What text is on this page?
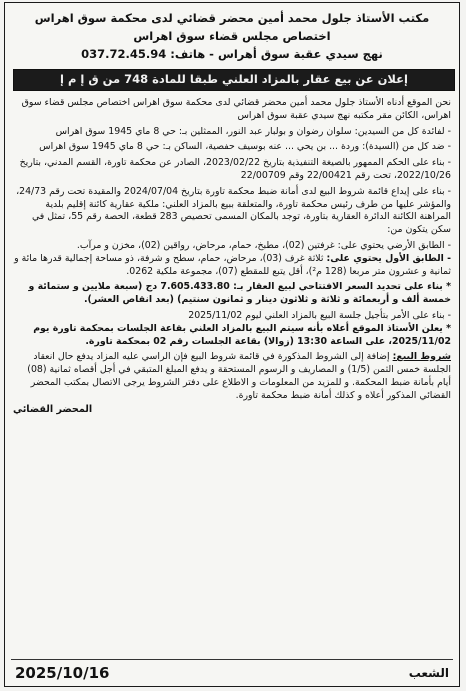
مكتب الأستاذ جلول محمد أمين محضر قضائي لدى محكمة سوق اهراس
اختصاص مجلس قضاء سوق اهراس
نهج سيدي عقبة سوق أهراس - هاتف: 037.72.45.94
إعلان عن بيع عقار بالمزاد العلني طبقا للمادة 748 من ق إ م إ

نحن الموقع أدناه الأستاذ جلول محمد أمين محضر قضائي لدى محكمة سوق اهراس اختصاص مجلس قضاء سوق اهراس، الكائن مقر مكتبه نهج سيدي عقبة سوق اهراس

- لفائدة كل من السيدين: سلوان رضوان و بولبار عبد النور، الممثلين بـ: حي 8 ماي 1945 سوق اهراس

- ضد كل من (السيدة): وردة ... بن يحي ... عنه بوسيف حفصية، الساكن بـ: حي 8 ماي 1945 سوق اهراس

- بناء على الحكم الممهور بالصيغة التنفيذية بتاريخ 2023/02/22، الصادر عن محكمة تاورة، القسم المدني، بتاريخ 2022/10/26، تحت رقم 22/00421 وقم 22/00709

- بناء على إيداع قائمة شروط البيع لدى أمانة ضبط محكمة تاورة بتاريخ 2024/07/04 والمقيدة تحت رقم 24/73، والمؤشر عليها من طرف رئيس محكمة تاورة، والمتعلقة ببيع بالمزاد العلني: ملكية عقارية كائنة إقليم بلدية المراهنة الكائنة الدائرة العقارية بتاورة، توجد بالمكان المسمى تحصيص 283 قطعة، الحصة رقم 55، تمثل في سكن يتكون من:

- الطابق الأرضي يحتوي على: غرفتين (02)، مطبخ، حمام، مرحاض، رواقين (02)، مخزن و مرآب.

- الطابق الأول يحتوي على: ثلاثة غرف (03)، مرحاض، حمام، سطح و شرفة، ذو مساحة إجمالية قدرها مائة و ثمانية و عشرون متر مربعا (128 م²)، أقل يتبع للمقطع (07)، مجموعة ملكية 0262.

* بناء على تحديد السعر الافتتاحي لبيع العقار بـ: 7.605.433.80 دج (سبعة ملايين و ستمائة و خمسة ألف و أربعمائة و ثلاثة و ثلاثون دينار و ثمانون سنتيم) (بعد انقاص العشر).

- بناء على الأمر بتأجيل جلسة البيع بالمزاد العلني ليوم 2025/11/02

* يعلن الأستاذ الموقع أعلاه بأنه سيتم البيع بالمزاد العلني بقاعة الجلسات بمحكمة تاورة يوم 2025/11/02، على الساعة 13:30 (زوالا) بقاعة الجلسات رقم 02 بمحكمة تاورة.

شروط البيع: إضافة إلى الشروط المذكورة في قائمة شروط البيع فإن الراسي عليه المزاد يدفع حال انعقاد الجلسة خمس الثمن (1/5) و المصاريف و الرسوم المستحقة و يدفع المبلغ المتبقي في أجل أقصاه ثمانية (08) أيام بأمانة ضبط المحكمة. و للمزيد من المعلومات و الاطلاع على دفتر الشروط يرجى الاتصال بمكتب المحضر القضائي المذكور أعلاه و كذلك أمانة ضبط محكمة تاورة.

المحضر القضائي
الشعب
2025/10/16
